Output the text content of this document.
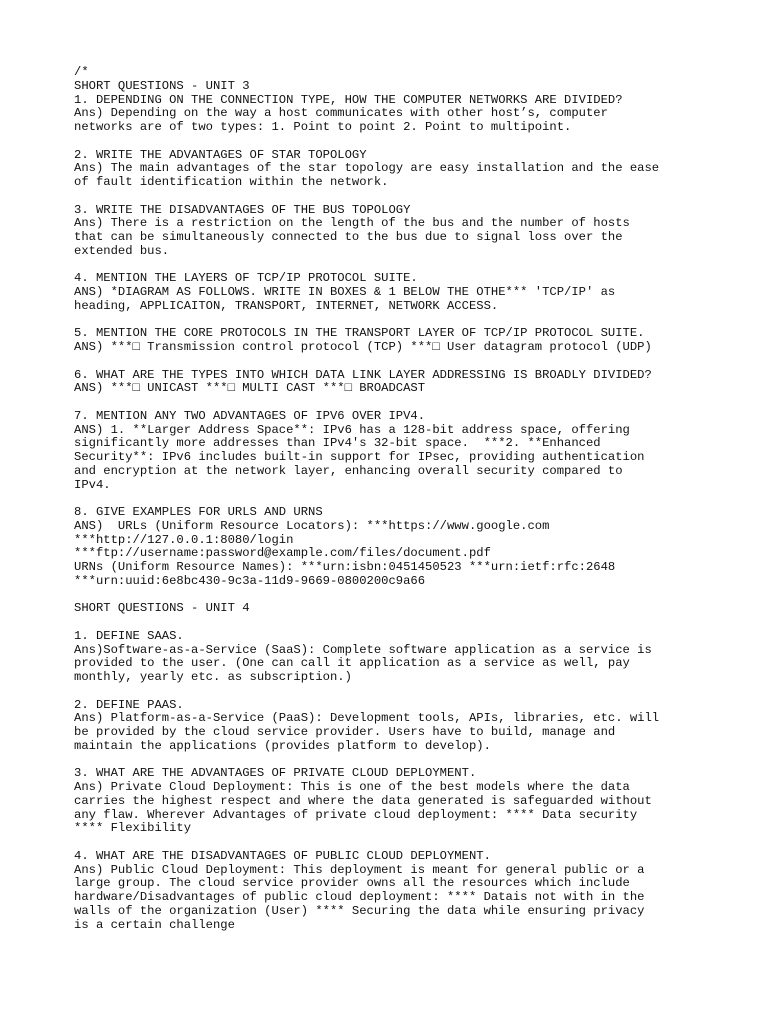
/*
SHORT QUESTIONS - UNIT 3
1. DEPENDING ON THE CONNECTION TYPE, HOW THE COMPUTER NETWORKS ARE DIVIDED?
Ans) Depending on the way a host communicates with other host’s, computer
networks are of two types: 1. Point to point 2. Point to multipoint.
2. WRITE THE ADVANTAGES OF STAR TOPOLOGY
Ans) The main advantages of the star topology are easy installation and the ease
of fault identification within the network.
3. WRITE THE DISADVANTAGES OF THE BUS TOPOLOGY
Ans) There is a restriction on the length of the bus and the number of hosts
that can be simultaneously connected to the bus due to signal loss over the
extended bus.
4. MENTION THE LAYERS OF TCP/IP PROTOCOL SUITE.
ANS) *DIAGRAM AS FOLLOWS. WRITE IN BOXES & 1 BELOW THE OTHE*** 'TCP/IP' as
heading, APPLICAITON, TRANSPORT, INTERNET, NETWORK ACCESS.
5. MENTION THE CORE PROTOCOLS IN THE TRANSPORT LAYER OF TCP/IP PROTOCOL SUITE.
ANS) ***□ Transmission control protocol (TCP) ***□ User datagram protocol (UDP)
6. WHAT ARE THE TYPES INTO WHICH DATA LINK LAYER ADDRESSING IS BROADLY DIVIDED?
ANS) ***□ UNICAST ***□ MULTI CAST ***□ BROADCAST
7. MENTION ANY TWO ADVANTAGES OF IPV6 OVER IPV4.
ANS) 1. **Larger Address Space**: IPv6 has a 128-bit address space, offering
significantly more addresses than IPv4's 32-bit space.  ***2. **Enhanced
Security**: IPv6 includes built-in support for IPsec, providing authentication
and encryption at the network layer, enhancing overall security compared to
IPv4.
8. GIVE EXAMPLES FOR URLS AND URNS
ANS)  URLs (Uniform Resource Locators): ***https://www.google.com
***http://127.0.0.1:8080/login
***ftp://username:password@example.com/files/document.pdf
URNs (Uniform Resource Names): ***urn:isbn:0451450523 ***urn:ietf:rfc:2648
***urn:uuid:6e8bc430-9c3a-11d9-9669-0800200c9a66
SHORT QUESTIONS - UNIT 4
1. DEFINE SAAS.
Ans)Software-as-a-Service (SaaS): Complete software application as a service is
provided to the user. (One can call it application as a service as well, pay
monthly, yearly etc. as subscription.)
2. DEFINE PAAS.
Ans) Platform-as-a-Service (PaaS): Development tools, APIs, libraries, etc. will
be provided by the cloud service provider. Users have to build, manage and
maintain the applications (provides platform to develop).
3. WHAT ARE THE ADVANTAGES OF PRIVATE CLOUD DEPLOYMENT.
Ans) Private Cloud Deployment: This is one of the best models where the data
carries the highest respect and where the data generated is safeguarded without
any flaw. Wherever Advantages of private cloud deployment: **** Data security
**** Flexibility
4. WHAT ARE THE DISADVANTAGES OF PUBLIC CLOUD DEPLOYMENT.
Ans) Public Cloud Deployment: This deployment is meant for general public or a
large group. The cloud service provider owns all the resources which include
hardware/Disadvantages of public cloud deployment: **** Datais not with in the
walls of the organization (User) **** Securing the data while ensuring privacy
is a certain challenge
